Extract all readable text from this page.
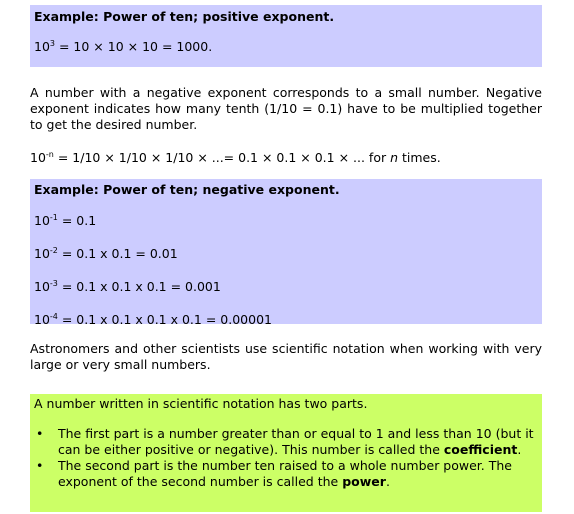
Example: Power of ten; positive exponent.

$10^3 = 10 \times 10 \times 10 = 1000$.

A number with a negative exponent corresponds to a small number. Negative exponent indicates how many tenth (1/10 = 0.1) have to be multiplied together to get the desired number.

$10^{-n} = 1/10 \times 1/10 \times 1/10$ × ...= 0.1 × 0.1 × 0.1 × ... for n times.

Example: Power of ten; negative exponent.

$10^{-1} = 0.1$

$10^{-2} = 0.1$ x 0.1 = 0.01

$10^{-3} = 0.1$ x 0.1 x 0.1 = 0.001

$10^{-4} = 0.1$ x 0.1 x 0.1 x 0.1 = 0.00001

Astronomers and other scientists use scientific notation when working with very large or very small numbers.

A number written in scientific notation has two parts.

• The first part is a number greater than or equal to 1 and less than 10 (but it can be either positive or negative). This number is called the coefficient.
• The second part is the number ten raised to a whole number power. The exponent of the second number is called the power.
